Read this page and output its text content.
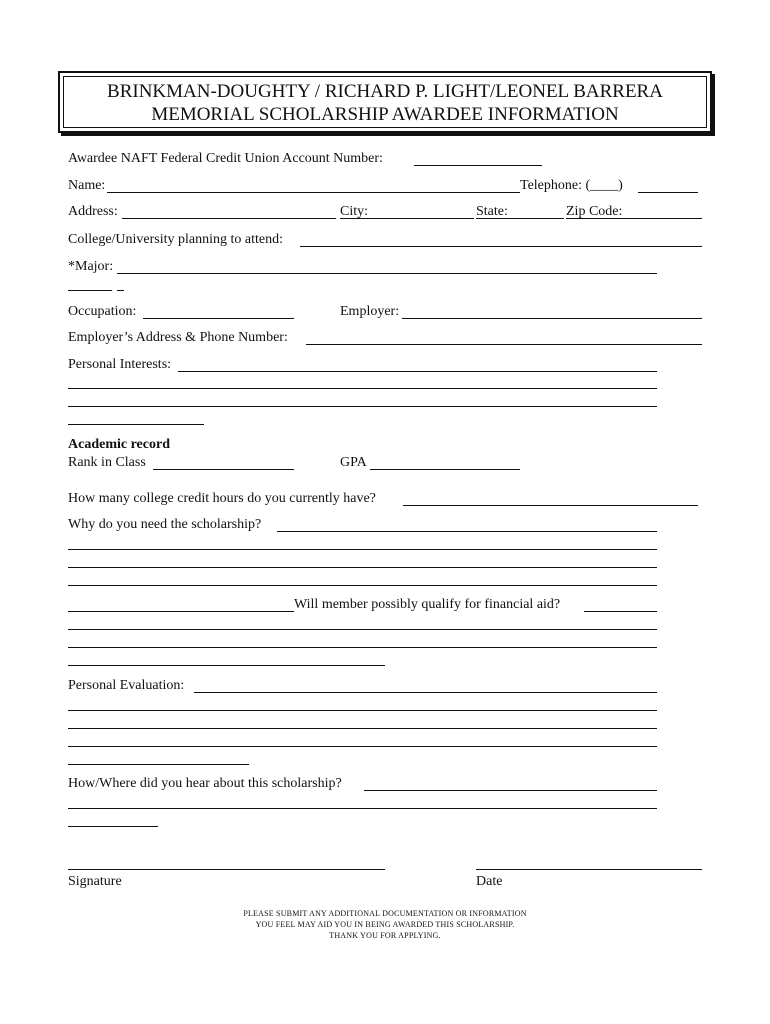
BRINKMAN-DOUGHTY / RICHARD P. LIGHT/LEONEL BARRERA
MEMORIAL SCHOLARSHIP AWARDEE INFORMATION
Awardee NAFT Federal Credit Union Account Number:
Name:	Telephone: (____)
Address:	City:	State:	Zip Code:
College/University planning to attend:
*Major:
Occupation:	Employer:
Employer’s Address & Phone Number:
Personal Interests:
Academic record
Rank in Class	GPA
How many college credit hours do you currently have?
Why do you need the scholarship?
Will member possibly qualify for financial aid?
Personal Evaluation:
How/Where did you hear about this scholarship?
Signature	Date
PLEASE SUBMIT ANY ADDITIONAL DOCUMENTATION OR INFORMATION
YOU FEEL MAY AID YOU IN BEING AWARDED THIS SCHOLARSHIP.
THANK YOU FOR APPLYING.
